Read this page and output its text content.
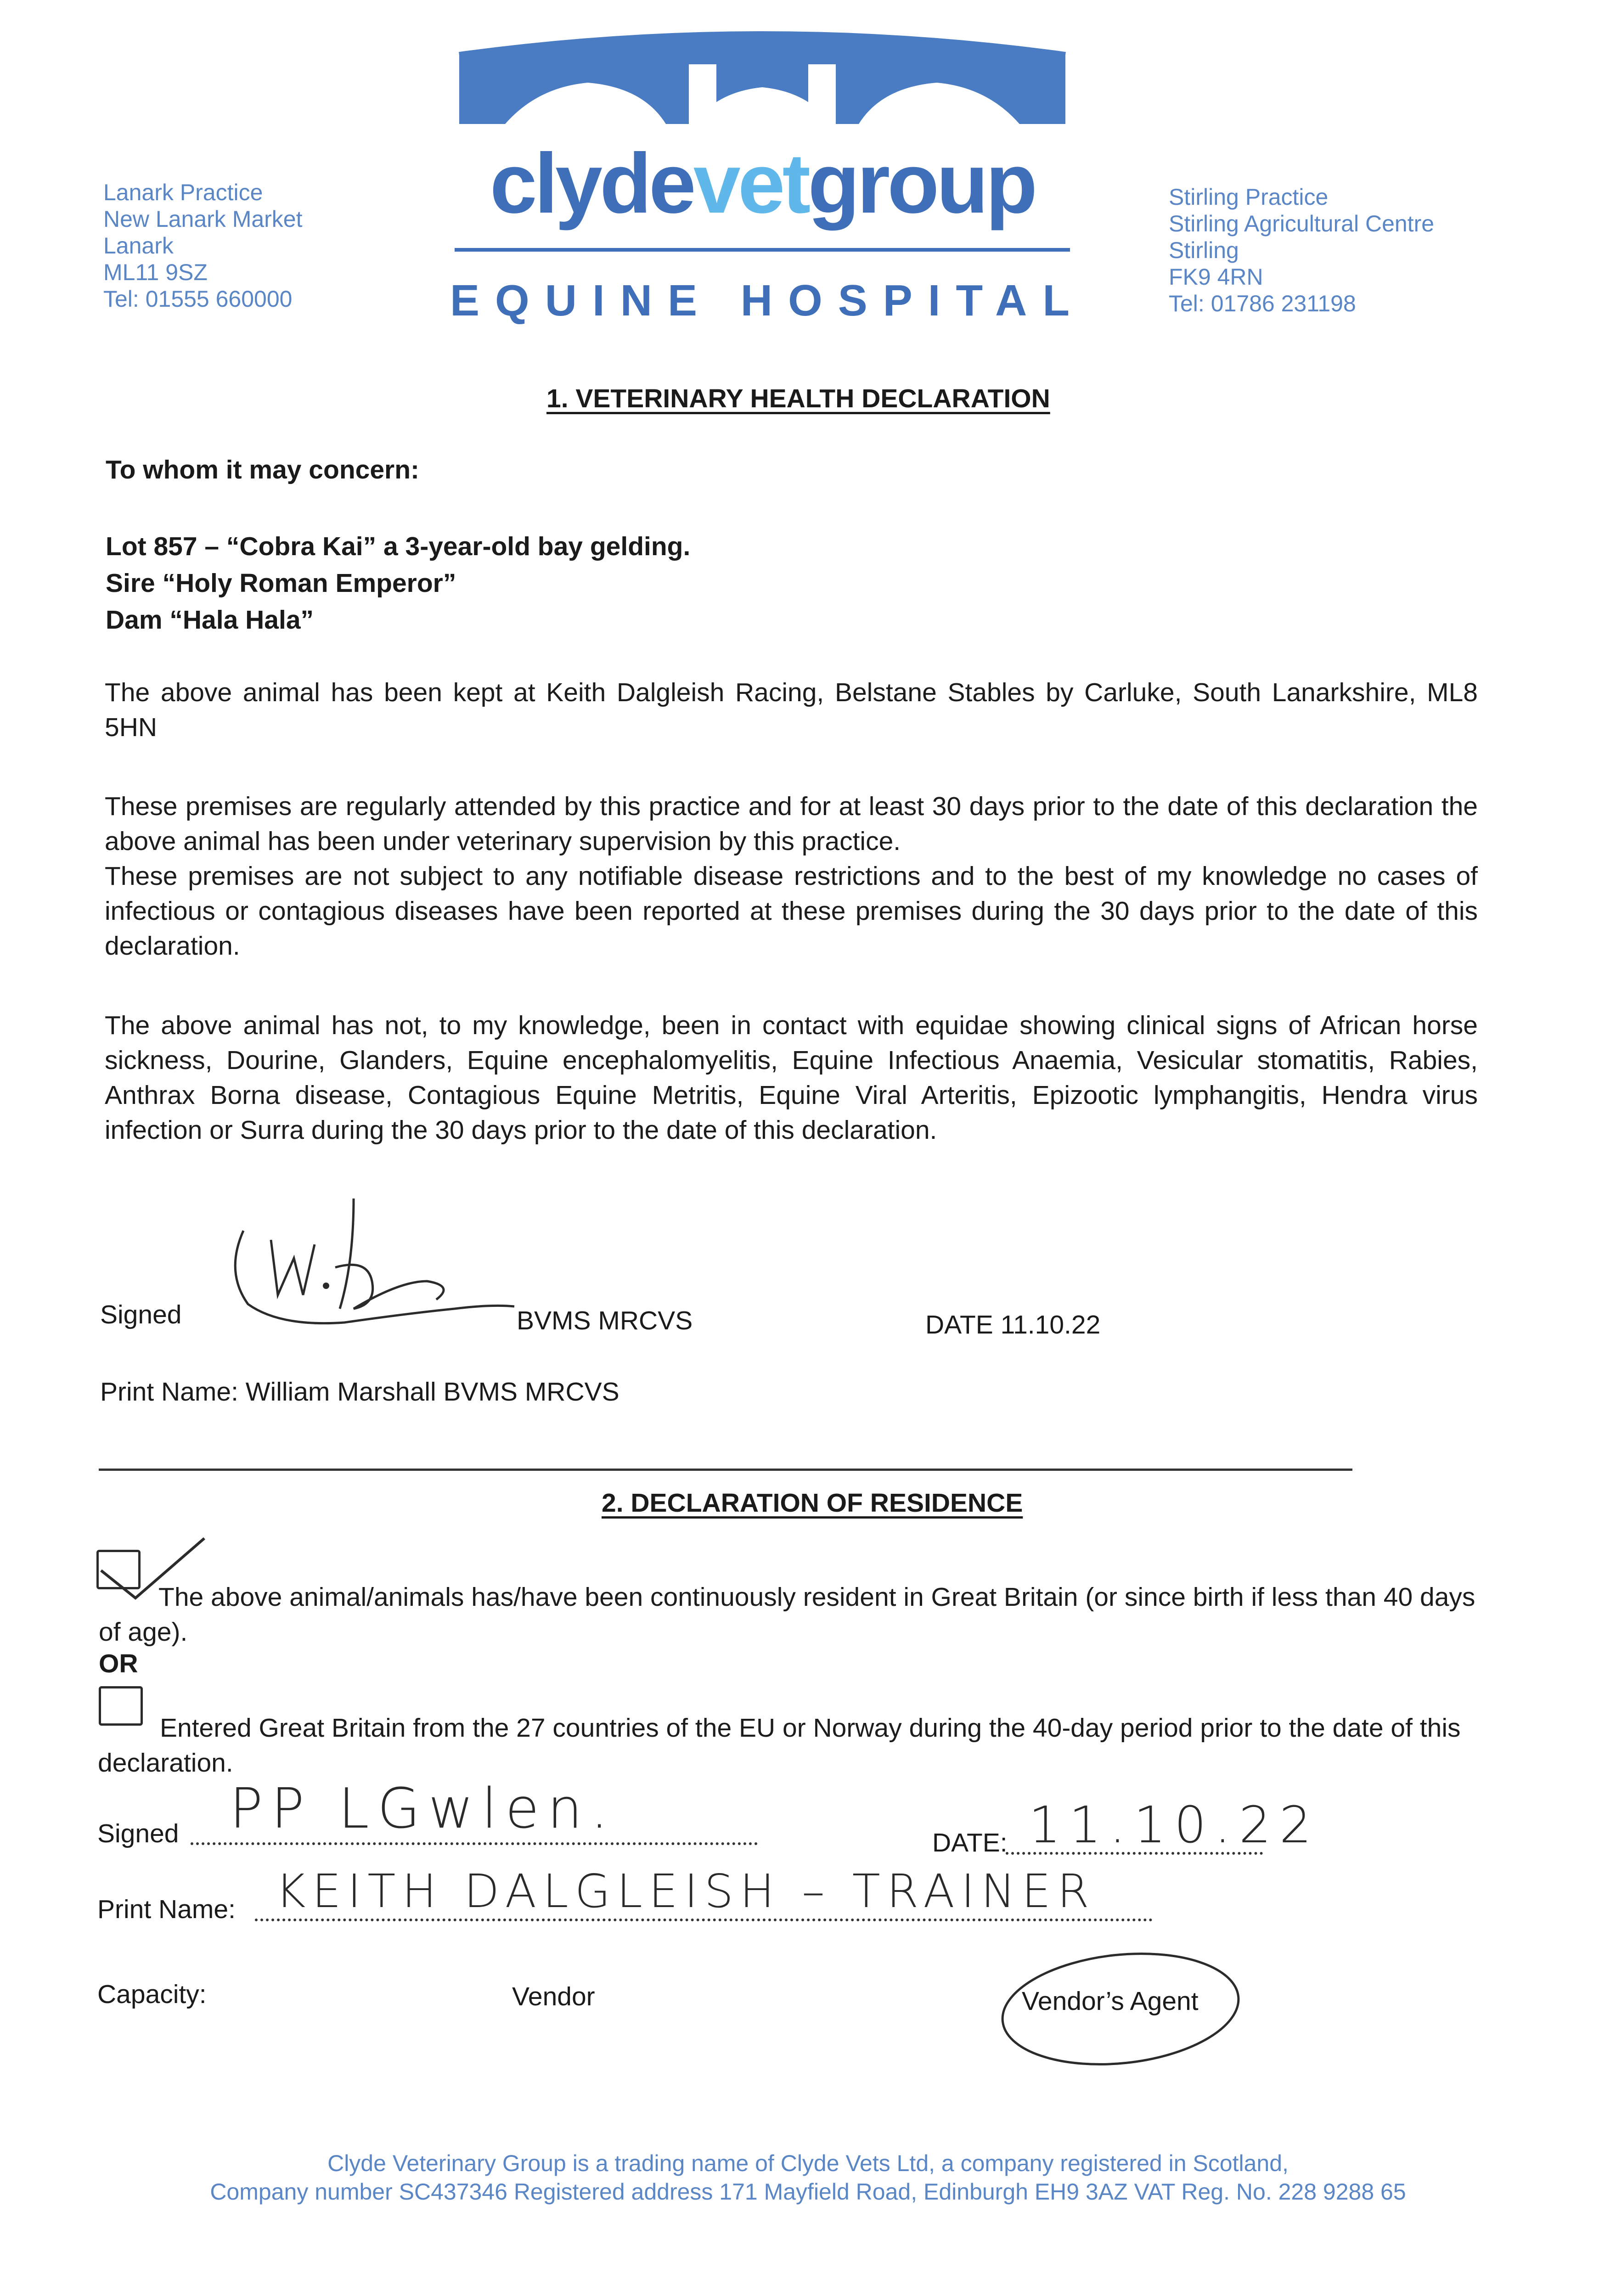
clydevetgroup
EQUINE HOSPITAL
Lanark Practice
New Lanark Market
Lanark
ML11 9SZ
Tel: 01555 660000
Stirling Practice
Stirling Agricultural Centre
Stirling
FK9 4RN
Tel: 01786 231198
1. VETERINARY HEALTH DECLARATION
To whom it may concern:
Lot 857 – “Cobra Kai” a 3-year-old bay gelding.
Sire “Holy Roman Emperor”
Dam “Hala Hala”
The above animal has been kept at Keith Dalgleish Racing, Belstane Stables by Carluke, South Lanarkshire, ML8 5HN
These premises are regularly attended by this practice and for at least 30 days prior to the date of this declaration the above animal has been under veterinary supervision by this practice.
These premises are not subject to any notifiable disease restrictions and to the best of my knowledge no cases of infectious or contagious diseases have been reported at these premises during the 30 days prior to the date of this declaration.
The above animal has not, to my knowledge, been in contact with equidae showing clinical signs of African horse sickness, Dourine, Glanders, Equine encephalomyelitis, Equine Infectious Anaemia, Vesicular stomatitis, Rabies, Anthrax Borna disease, Contagious Equine Metritis, Equine Viral Arteritis, Epizootic lymphangitis, Hendra virus infection or Surra during the 30 days prior to the date of this declaration.
Signed	BVMS MRCVS	DATE 11.10.22
Print Name: William Marshall BVMS MRCVS
2. DECLARATION OF RESIDENCE
The above animal/animals has/have been continuously resident in Great Britain (or since birth if less than 40 days of age).
OR
Entered Great Britain from the 27 countries of the EU or Norway during the 40-day period prior to the date of this declaration.
Signed PP LGwlen.
DATE: 11.10.22
Print Name: KEITH DALGLEISH – TRAINER
Capacity:	Vendor	Vendor’s Agent
Clyde Veterinary Group is a trading name of Clyde Vets Ltd, a company registered in Scotland,
Company number SC437346 Registered address 171 Mayfield Road, Edinburgh EH9 3AZ VAT Reg. No. 228 9288 65
